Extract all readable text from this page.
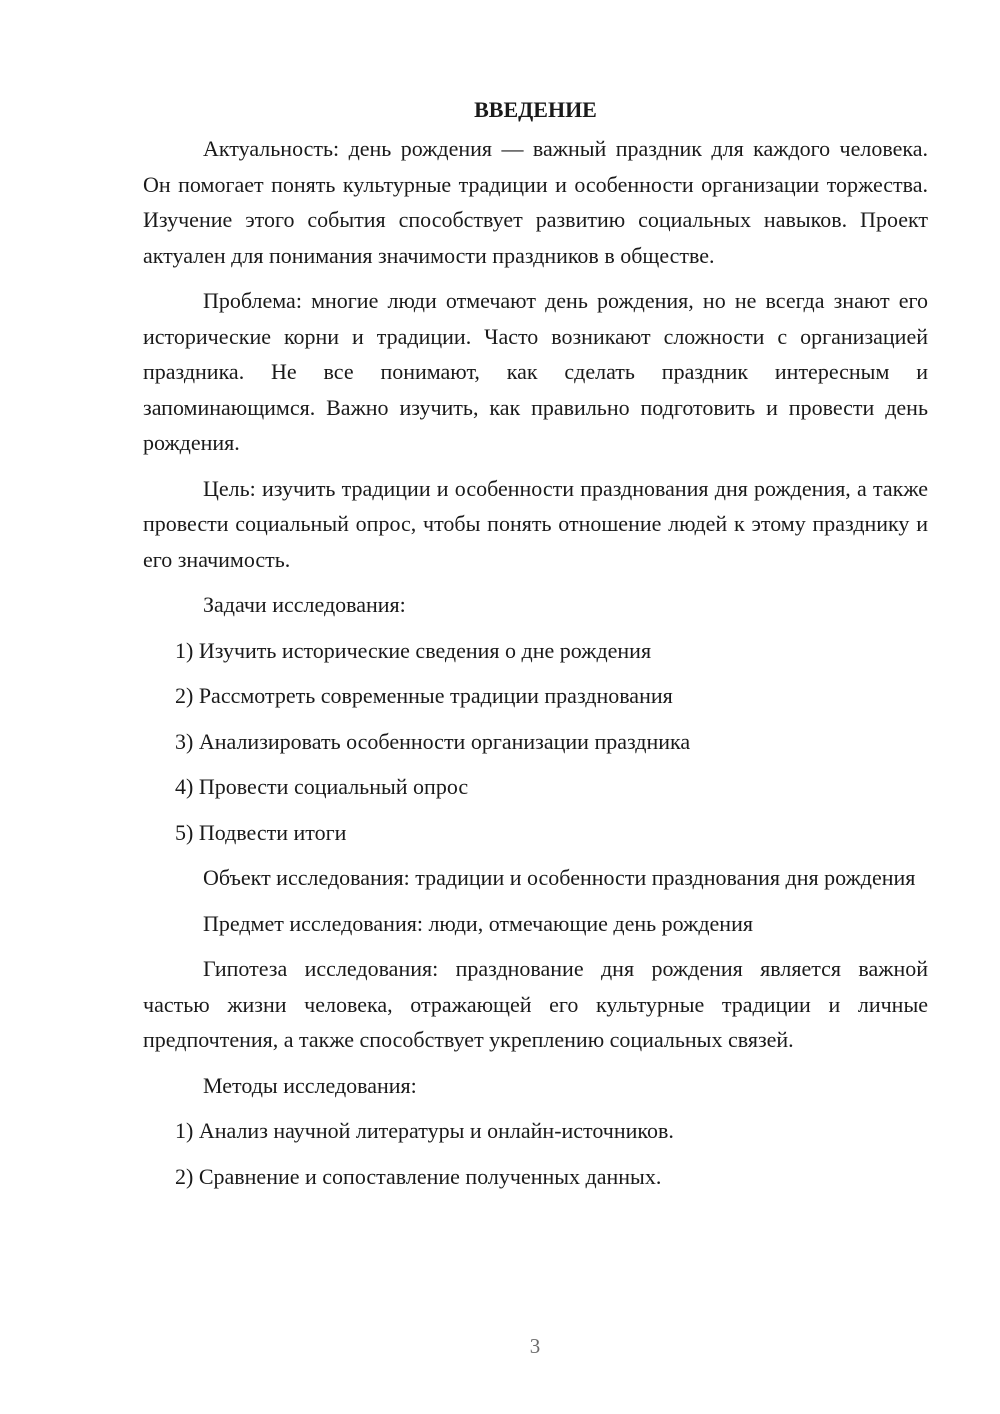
ВВЕДЕНИЕ

Актуальность: день рождения — важный праздник для каждого человека. Он помогает понять культурные традиции и особенности организации торжества. Изучение этого события способствует развитию социальных навыков. Проект актуален для понимания значимости праздников в обществе.

Проблема: многие люди отмечают день рождения, но не всегда знают его исторические корни и традиции. Часто возникают сложности с организацией праздника. Не все понимают, как сделать праздник интересным и запоминающимся. Важно изучить, как правильно подготовить и провести день рождения.

Цель: изучить традиции и особенности празднования дня рождения, а также провести социальный опрос, чтобы понять отношение людей к этому празднику и его значимость.

Задачи исследования:

1) Изучить исторические сведения о дне рождения
2) Рассмотреть современные традиции празднования
3) Анализировать особенности организации праздника
4) Провести социальный опрос
5) Подвести итоги

Объект исследования: традиции и особенности празднования дня рождения

Предмет исследования: люди, отмечающие день рождения

Гипотеза исследования: празднование дня рождения является важной частью жизни человека, отражающей его культурные традиции и личные предпочтения, а также способствует укреплению социальных связей.

Методы исследования:

1) Анализ научной литературы и онлайн-источников.
2) Сравнение и сопоставление полученных данных.
3
